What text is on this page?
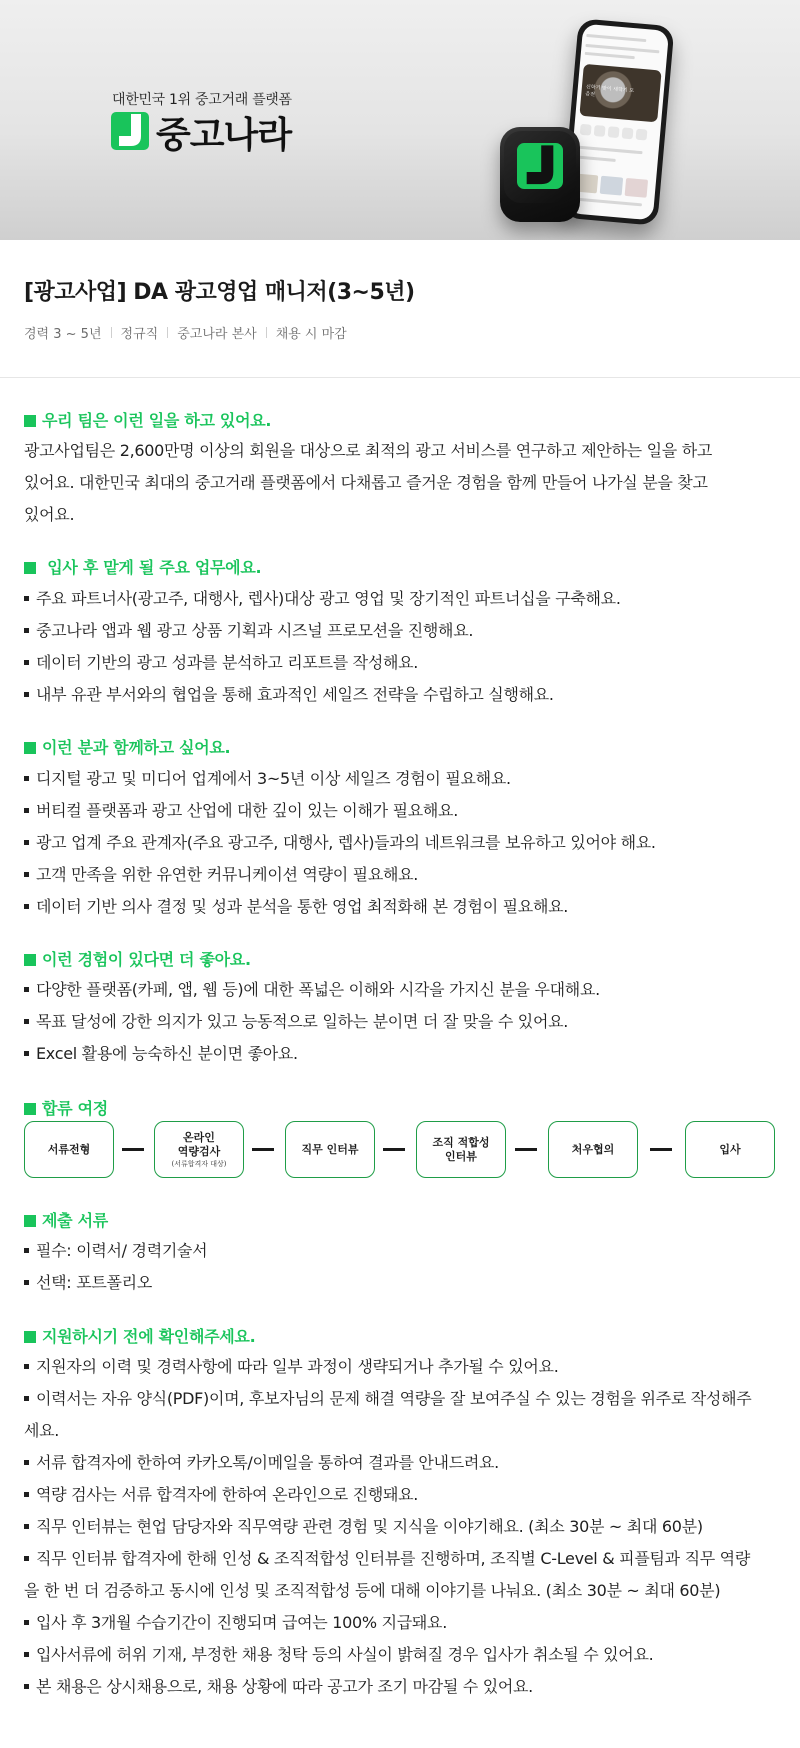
대한민국 1위 중고거래 플랫폼
중고나라
신학기 맞이 새학기 모음전
[광고사업] DA 광고영업 매니저(3~5년)
경력 3 ~ 5년 정규직 중고나라 본사 채용 시 마감
우리 팀은 이런 일을 하고 있어요.
광고사업팀은 2,600만명 이상의 회원을 대상으로 최적의 광고 서비스를 연구하고 제안하는 일을 하고
있어요. 대한민국 최대의 중고거래 플랫폼에서 다채롭고 즐거운 경험을 함께 만들어 나가실 분을 찾고
있어요.
입사 후 맡게 될 주요 업무에요.
주요 파트너사(광고주, 대행사, 렙사)대상 광고 영업 및 장기적인 파트너십을 구축해요.
중고나라 앱과 웹 광고 상품 기획과 시즈널 프로모션을 진행해요.
데이터 기반의 광고 성과를 분석하고 리포트를 작성해요.
내부 유관 부서와의 협업을 통해 효과적인 세일즈 전략을 수립하고 실행해요.
이런 분과 함께하고 싶어요.
디지털 광고 및 미디어 업계에서 3~5년 이상 세일즈 경험이 필요해요.
버티컬 플랫폼과 광고 산업에 대한 깊이 있는 이해가 필요해요.
광고 업계 주요 관계자(주요 광고주, 대행사, 렙사)들과의 네트워크를 보유하고 있어야 해요.
고객 만족을 위한 유연한 커뮤니케이션 역량이 필요해요.
데이터 기반 의사 결정 및 성과 분석을 통한 영업 최적화해 본 경험이 필요해요.
이런 경험이 있다면 더 좋아요.
다양한 플랫폼(카페, 앱, 웹 등)에 대한 폭넓은 이해와 시각을 가지신 분을 우대해요.
목표 달성에 강한 의지가 있고 능동적으로 일하는 분이면 더 잘 맞을 수 있어요.
Excel 활용에 능숙하신 분이면 좋아요.
합류 여정
서류전형
온라인
역량검사
(서류합격자 대상)
직무 인터뷰
조직 적합성
인터뷰
처우협의	입사
제출 서류
필수: 이력서/ 경력기술서
선택: 포트폴리오
지원하시기 전에 확인해주세요.
지원자의 이력 및 경력사항에 따라 일부 과정이 생략되거나 추가될 수 있어요.
이력서는 자유 양식(PDF)이며, 후보자님의 문제 해결 역량을 잘 보여주실 수 있는 경험을 위주로 작성해주세요.
서류 합격자에 한하여 카카오톡/이메일을 통하여 결과를 안내드려요.
역량 검사는 서류 합격자에 한하여 온라인으로 진행돼요.
직무 인터뷰는 현업 담당자와 직무역량 관련 경험 및 지식을 이야기해요. (최소 30분 ~ 최대 60분)
직무 인터뷰 합격자에 한해 인성 & 조직적합성 인터뷰를 진행하며, 조직별 C-Level & 피플팀과 직무 역량을 한 번 더 검증하고 동시에 인성 및 조직적합성 등에 대해 이야기를 나눠요. (최소 30분 ~ 최대 60분)
입사 후 3개월 수습기간이 진행되며 급여는 100% 지급돼요.
입사서류에 허위 기재, 부정한 채용 청탁 등의 사실이 밝혀질 경우 입사가 취소될 수 있어요.
본 채용은 상시채용으로, 채용 상황에 따라 공고가 조기 마감될 수 있어요.
